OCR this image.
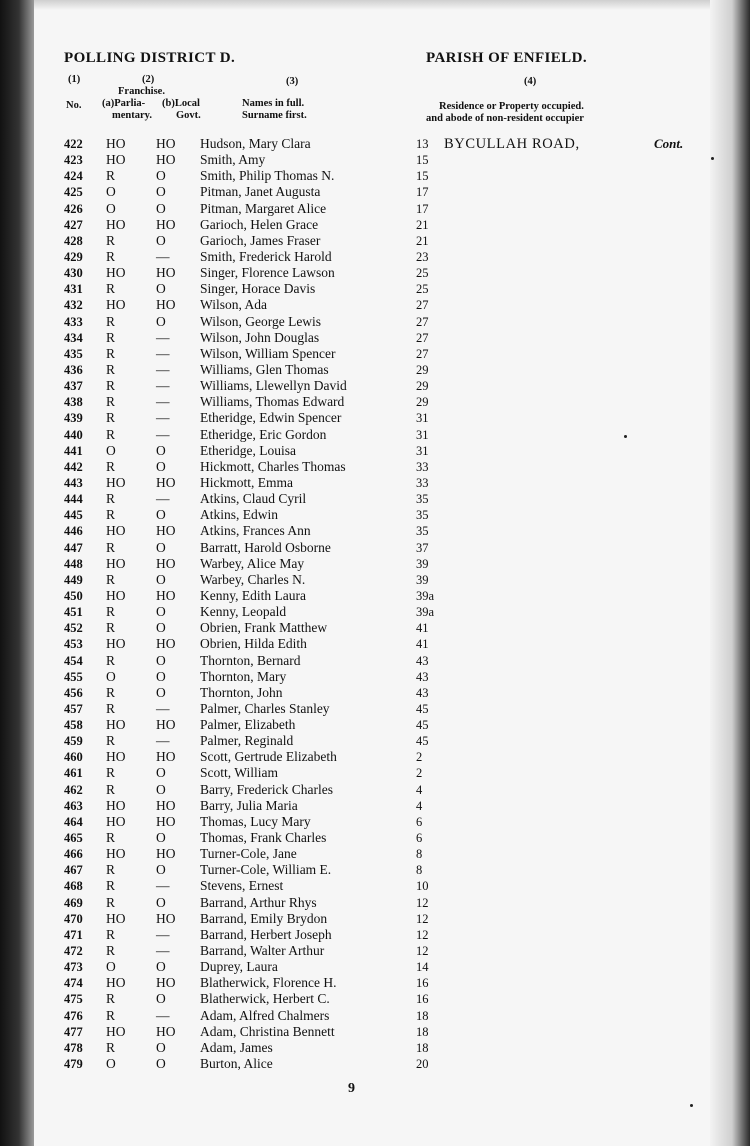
POLLING DISTRICT D.	PARISH OF ENFIELD.
(1)
No.
(2)
Franchise.
(a)Parlia-
mentary.
(b)Local
Govt.
(3)
Names in full.
Surname first.
(4)
Residence or Property occupied.
and abode of non-resident occupier
422	HO	HO	Hudson, Mary Clara	13	BYCULLAH ROAD,	Cont.
423	HO	HO	Smith, Amy	15
424	R	O	Smith, Philip Thomas N.	15
425	O	O	Pitman, Janet Augusta	17
426	O	O	Pitman, Margaret Alice	17
427	HO	HO	Garioch, Helen Grace	21
428	R	O	Garioch, James Fraser	21
429	R	—	Smith, Frederick Harold	23
430	HO	HO	Singer, Florence Lawson	25
431	R	O	Singer, Horace Davis	25
432	HO	HO	Wilson, Ada	27
433	R	O	Wilson, George Lewis	27
434	R	—	Wilson, John Douglas	27
435	R	—	Wilson, William Spencer	27
436	R	—	Williams, Glen Thomas	29
437	R	—	Williams, Llewellyn David	29
438	R	—	Williams, Thomas Edward	29
439	R	—	Etheridge, Edwin Spencer	31
440	R	—	Etheridge, Eric Gordon	31
441	O	O	Etheridge, Louisa	31
442	R	O	Hickmott, Charles Thomas	33
443	HO	HO	Hickmott, Emma	33
444	R	—	Atkins, Claud Cyril	35
445	R	O	Atkins, Edwin	35
446	HO	HO	Atkins, Frances Ann	35
447	R	O	Barratt, Harold Osborne	37
448	HO	HO	Warbey, Alice May	39
449	R	O	Warbey, Charles N.	39
450	HO	HO	Kenny, Edith Laura	39a
451	R	O	Kenny, Leopald	39a
452	R	O	Obrien, Frank Matthew	41
453	HO	HO	Obrien, Hilda Edith	41
454	R	O	Thornton, Bernard	43
455	O	O	Thornton, Mary	43
456	R	O	Thornton, John	43
457	R	—	Palmer, Charles Stanley	45
458	HO	HO	Palmer, Elizabeth	45
459	R	—	Palmer, Reginald	45
460	HO	HO	Scott, Gertrude Elizabeth	2
461	R	O	Scott, William	2
462	R	O	Barry, Frederick Charles	4
463	HO	HO	Barry, Julia Maria	4
464	HO	HO	Thomas, Lucy Mary	6
465	R	O	Thomas, Frank Charles	6
466	HO	HO	Turner-Cole, Jane	8
467	R	O	Turner-Cole, William E.	8
468	R	—	Stevens, Ernest	10
469	R	O	Barrand, Arthur Rhys	12
470	HO	HO	Barrand, Emily Brydon	12
471	R	—	Barrand, Herbert Joseph	12
472	R	—	Barrand, Walter Arthur	12
473	O	O	Duprey, Laura	14
474	HO	HO	Blatherwick, Florence H.	16
475	R	O	Blatherwick, Herbert C.	16
476	R	—	Adam, Alfred Chalmers	18
477	HO	HO	Adam, Christina Bennett	18
478	R	O	Adam, James	18
479	O	O	Burton, Alice	20
9
